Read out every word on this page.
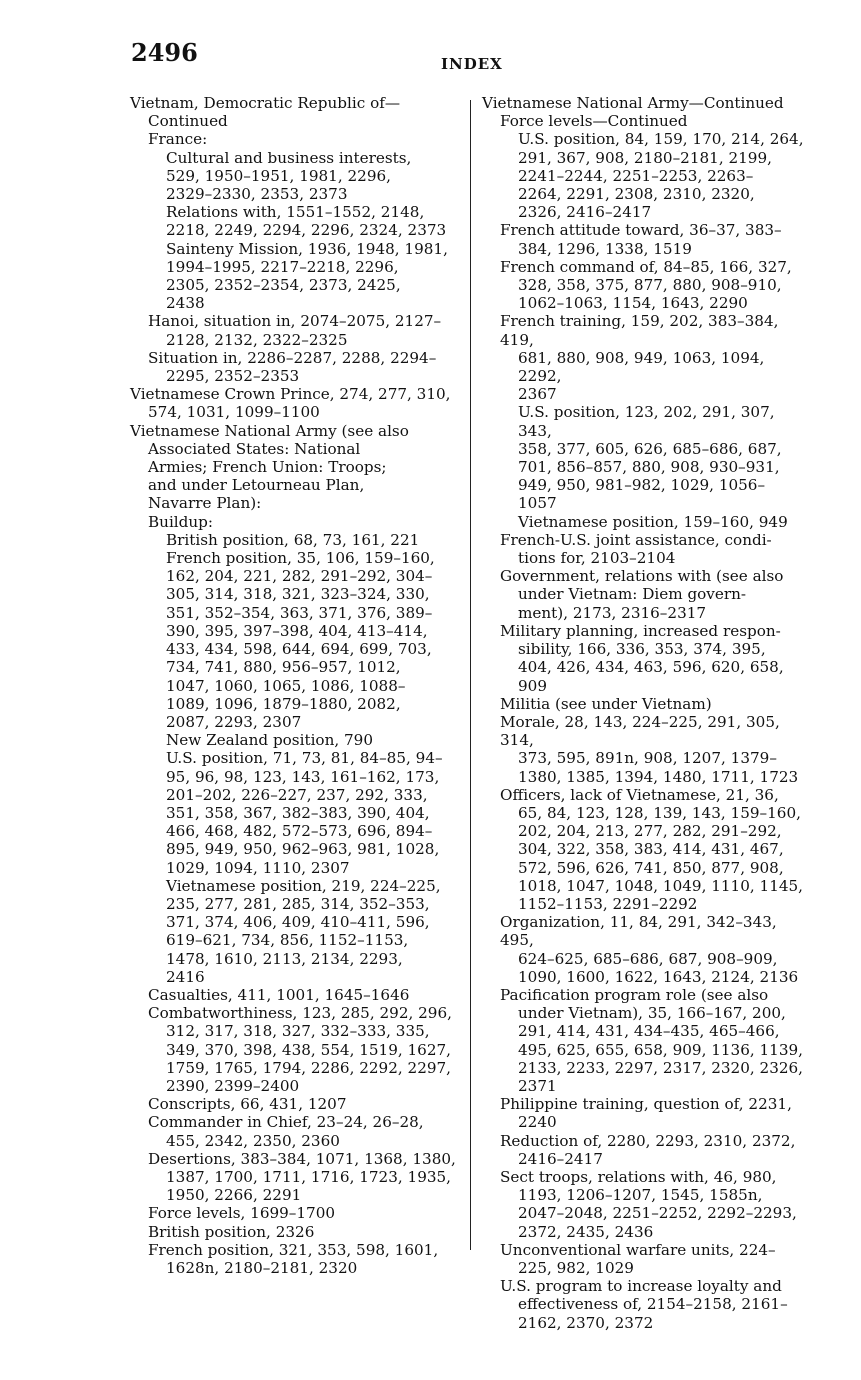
2496	INDEX
Vietnam, Democratic Republic of—
Continued
France:
Cultural and business interests,
529, 1950–1951, 1981, 2296,
2329–2330, 2353, 2373
Relations with, 1551–1552, 2148,
2218, 2249, 2294, 2296, 2324, 2373
Sainteny Mission, 1936, 1948, 1981,
1994–1995, 2217–2218, 2296,
2305, 2352–2354, 2373, 2425,
2438
Hanoi, situation in, 2074–2075, 2127–
2128, 2132, 2322–2325
Situation in, 2286–2287, 2288, 2294–
2295, 2352–2353
Vietnamese Crown Prince, 274, 277, 310,
574, 1031, 1099–1100
Vietnamese National Army (see also
Associated States: National
Armies; French Union: Troops;
and under Letourneau Plan,
Navarre Plan):
Buildup:
British position, 68, 73, 161, 221
French position, 35, 106, 159–160,
162, 204, 221, 282, 291–292, 304–
305, 314, 318, 321, 323–324, 330,
351, 352–354, 363, 371, 376, 389–
390, 395, 397–398, 404, 413–414,
433, 434, 598, 644, 694, 699, 703,
734, 741, 880, 956–957, 1012,
1047, 1060, 1065, 1086, 1088–
1089, 1096, 1879–1880, 2082,
2087, 2293, 2307
New Zealand position, 790
U.S. position, 71, 73, 81, 84–85, 94–
95, 96, 98, 123, 143, 161–162, 173,
201–202, 226–227, 237, 292, 333,
351, 358, 367, 382–383, 390, 404,
466, 468, 482, 572–573, 696, 894–
895, 949, 950, 962–963, 981, 1028,
1029, 1094, 1110, 2307
Vietnamese position, 219, 224–225,
235, 277, 281, 285, 314, 352–353,
371, 374, 406, 409, 410–411, 596,
619–621, 734, 856, 1152–1153,
1478, 1610, 2113, 2134, 2293,
2416
Casualties, 411, 1001, 1645–1646
Combatworthiness, 123, 285, 292, 296,
312, 317, 318, 327, 332–333, 335,
349, 370, 398, 438, 554, 1519, 1627,
1759, 1765, 1794, 2286, 2292, 2297,
2390, 2399–2400
Conscripts, 66, 431, 1207
Commander in Chief, 23–24, 26–28,
455, 2342, 2350, 2360
Desertions, 383–384, 1071, 1368, 1380,
1387, 1700, 1711, 1716, 1723, 1935,
1950, 2266, 2291
Force levels, 1699–1700
British position, 2326
French position, 321, 353, 598, 1601,
1628n, 2180–2181, 2320
Vietnamese National Army—Continued
Force levels—Continued
U.S. position, 84, 159, 170, 214, 264,
291, 367, 908, 2180–2181, 2199,
2241–2244, 2251–2253, 2263–
2264, 2291, 2308, 2310, 2320,
2326, 2416–2417
French attitude toward, 36–37, 383–
384, 1296, 1338, 1519
French command of, 84–85, 166, 327,
328, 358, 375, 877, 880, 908–910,
1062–1063, 1154, 1643, 2290
French training, 159, 202, 383–384, 419,
681, 880, 908, 949, 1063, 1094, 2292,
2367
U.S. position, 123, 202, 291, 307, 343,
358, 377, 605, 626, 685–686, 687,
701, 856–857, 880, 908, 930–931,
949, 950, 981–982, 1029, 1056–
1057
Vietnamese position, 159–160, 949
French-U.S. joint assistance, condi-
tions for, 2103–2104
Government, relations with (see also
under Vietnam: Diem govern-
ment), 2173, 2316–2317
Military planning, increased respon-
sibility, 166, 336, 353, 374, 395,
404, 426, 434, 463, 596, 620, 658,
909
Militia (see under Vietnam)
Morale, 28, 143, 224–225, 291, 305, 314,
373, 595, 891n, 908, 1207, 1379–
1380, 1385, 1394, 1480, 1711, 1723
Officers, lack of Vietnamese, 21, 36,
65, 84, 123, 128, 139, 143, 159–160,
202, 204, 213, 277, 282, 291–292,
304, 322, 358, 383, 414, 431, 467,
572, 596, 626, 741, 850, 877, 908,
1018, 1047, 1048, 1049, 1110, 1145,
1152–1153, 2291–2292
Organization, 11, 84, 291, 342–343, 495,
624–625, 685–686, 687, 908–909,
1090, 1600, 1622, 1643, 2124, 2136
Pacification program role (see also
under Vietnam), 35, 166–167, 200,
291, 414, 431, 434–435, 465–466,
495, 625, 655, 658, 909, 1136, 1139,
2133, 2233, 2297, 2317, 2320, 2326,
2371
Philippine training, question of, 2231,
2240
Reduction of, 2280, 2293, 2310, 2372,
2416–2417
Sect troops, relations with, 46, 980,
1193, 1206–1207, 1545, 1585n,
2047–2048, 2251–2252, 2292–2293,
2372, 2435, 2436
Unconventional warfare units, 224–
225, 982, 1029
U.S. program to increase loyalty and
effectiveness of, 2154–2158, 2161–
2162, 2370, 2372
